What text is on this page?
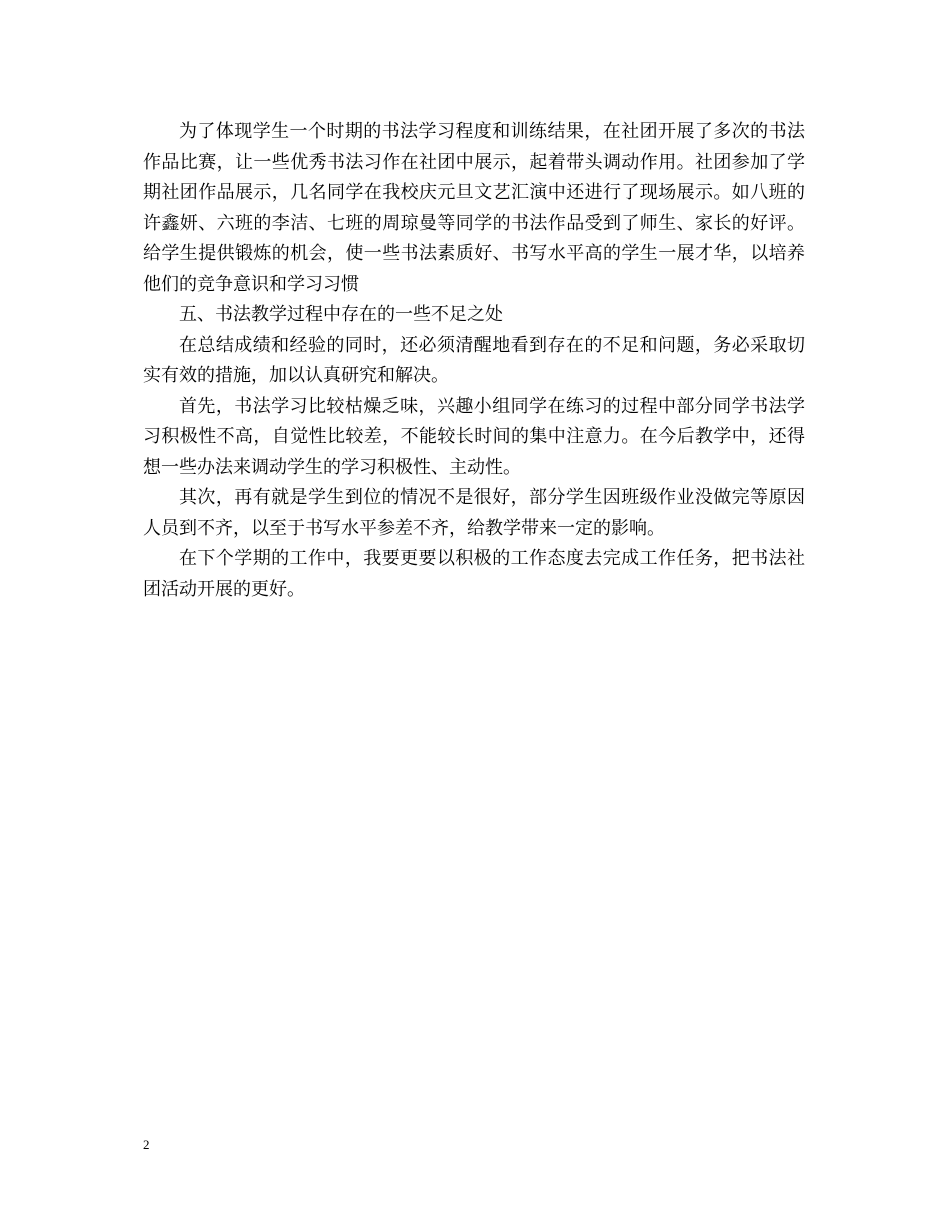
为了体现学生一个时期的书法学习程度和训练结果，在社团开展了多次的书法作品比赛，让一些优秀书法习作在社团中展示，起着带头调动作用。社团参加了学期社团作品展示，几名同学在我校庆元旦文艺汇演中还进行了现场展示。如八班的许鑫妍、六班的李洁、七班的周琼曼等同学的书法作品受到了师生、家长的好评。给学生提供锻炼的机会，使一些书法素质好、书写水平高的学生一展才华，以培养他们的竞争意识和学习习惯

五、书法教学过程中存在的一些不足之处

在总结成绩和经验的同时，还必须清醒地看到存在的不足和问题，务必采取切实有效的措施，加以认真研究和解决。

首先，书法学习比较枯燥乏味，兴趣小组同学在练习的过程中部分同学书法学习积极性不高，自觉性比较差，不能较长时间的集中注意力。在今后教学中，还得想一些办法来调动学生的学习积极性、主动性。

其次，再有就是学生到位的情况不是很好，部分学生因班级作业没做完等原因人员到不齐，以至于书写水平参差不齐，给教学带来一定的影响。

在下个学期的工作中，我要更要以积极的工作态度去完成工作任务，把书法社团活动开展的更好。

2
